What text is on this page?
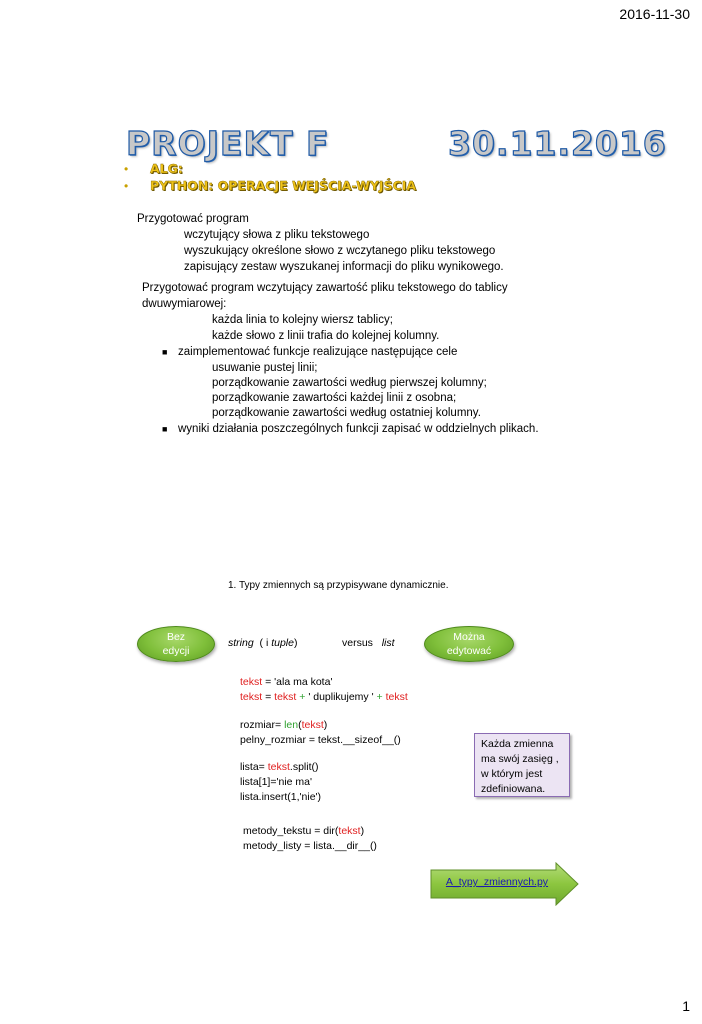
2016-11-30
PROJEKT F	30.11.2016
•	ALG:
•	PYTHON: OPERACJE WEJŚCIA-WYJŚCIA
Przygotować program
wczytujący słowa z pliku tekstowego
wyszukujący określone słowo z wczytanego pliku tekstowego
zapisujący zestaw wyszukanej informacji do pliku wynikowego.
Przygotować program wczytujący zawartość pliku tekstowego do tablicy
dwuwymiarowej:
każda linia to kolejny wiersz tablicy;
każde słowo z linii trafia do kolejnej kolumny.
■ zaimplementować funkcje realizujące następujące cele
usuwanie pustej linii;
porządkowanie zawartości według pierwszej kolumny;
porządkowanie zawartości każdej linii z osobna;
porządkowanie zawartości według ostatniej kolumny.
■ wyniki działania poszczególnych funkcji zapisać w oddzielnych plikach.
1. Typy zmiennych są przypisywane dynamicznie.
Bez
edycji
Można
edytować
string ( i tuple)	versus list
tekst = 'ala ma kota'
tekst = tekst + ' duplikujemy ' + tekst
rozmiar= len(tekst)
pelny_rozmiar = tekst.__sizeof__()
lista= tekst.split()
lista[1]='nie ma'
lista.insert(1,'nie')
metody_tekstu = dir(tekst)
metody_listy = lista.__dir__()
Każda zmienna ma swój zasięg , w którym jest zdefiniowana.
A_typy_zmiennych.py
1
